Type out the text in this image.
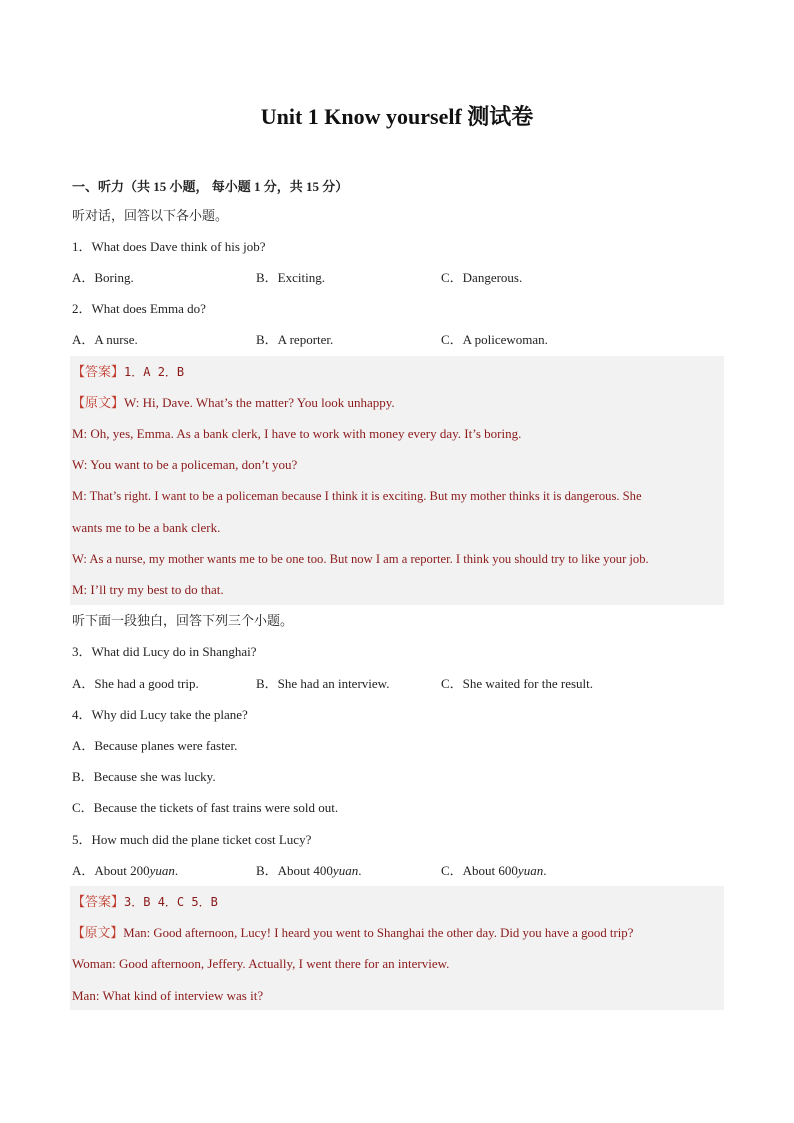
Unit 1 Know yourself 测试卷
一、听力（共 15 小题， 每小题 1 分，共 15 分）
听对话，回答以下各小题。
1．What does Dave think of his job?
A．Boring.	B．Exciting.	C．Dangerous.
2．What does Emma do?
A．A nurse.	B．A reporter.	C．A policewoman.
【答案】1．A 2．B
【原文】W: Hi, Dave. What’s the matter? You look unhappy.
M: Oh, yes, Emma. As a bank clerk, I have to work with money every day. It’s boring.
W: You want to be a policeman, don’t you?
M: That’s right. I want to be a policeman because I think it is exciting. But my mother thinks it is dangerous. She
wants me to be a bank clerk.
W: As a nurse, my mother wants me to be one too. But now I am a reporter. I think you should try to like your job.
M: I’ll try my best to do that.
听下面一段独白，回答下列三个小题。
3．What did Lucy do in Shanghai?
A．She had a good trip.	B．She had an interview.	C．She waited for the result.
4．Why did Lucy take the plane?
A．Because planes were faster.
B．Because she was lucky.
C．Because the tickets of fast trains were sold out.
5．How much did the plane ticket cost Lucy?
A．About 200yuan.	B．About 400yuan.	C．About 600yuan.
【答案】3．B 4．C 5．B
【原文】Man: Good afternoon, Lucy! I heard you went to Shanghai the other day. Did you have a good trip?
Woman: Good afternoon, Jeffery. Actually, I went there for an interview.
Man: What kind of interview was it?
